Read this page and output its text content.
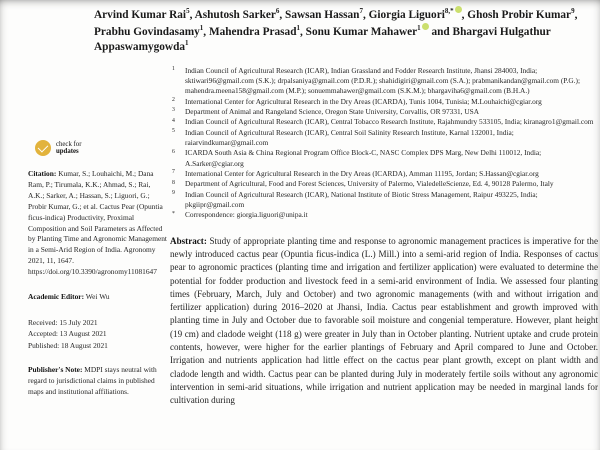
Arvind Kumar Rai$^5$, Ashutosh Sarker$^6$, Sawsan Hassan$^7$, Giorgia Liguori$^{8,*}$ , Ghosh Probir Kumar$^9$,
Prabhu Govindasamy$^1$, Mahendra Prasad$^1$, Sonu Kumar Mahawer$^1$ and Bhargavi Hulgathur Appaswamygowda$^1$
1 Indian Council of Agricultural Research (ICAR), Indian Grassland and Fodder Research Institute, Jhansi 284003, India; sktiwari96@gmail.com (S.K.); drpalsaniya@gmail.com (P.D.R.); shahidigiri@gmail.com (S.A.); prabmanikandan@gmail.com (P.G.); mahendra.meena158@gmail.com (M.P.); sonuemmahawer@gmail.com (S.K.M.); bhargaviha6@gmail.com (B.H.A.)
2 International Center for Agricultural Research in the Dry Areas (ICARDA), Tunis 1004, Tunisia; M.Louhaichi@cgiar.org
3 Department of Animal and Rangeland Science, Oregon State University, Corvallis, OR 97331, USA
4 Indian Council of Agricultural Research (ICAR), Central Tobacco Research Institute, Rajahmundry 533105, India; kiranagro1@gmail.com
5 Indian Council of Agricultural Research (ICAR), Central Soil Salinity Research Institute, Karnal 132001, India; raiarvindkumar@gmail.com
6 ICARDA South Asia & China Regional Program Office Block-C, NASC Complex DPS Marg, New Delhi 110012, India; A.Sarker@cgiar.org
7 International Center for Agricultural Research in the Dry Areas (ICARDA), Amman 11195, Jordan; S.Hassan@cgiar.org
8 Department of Agricultural, Food and Forest Sciences, University of Palermo, VialedelleScienze, Ed. 4, 90128 Palermo, Italy
9 Indian Council of Agricultural Research (ICAR), National Institute of Biotic Stress Management, Raipur 493225, India; pkgiipr@gmail.com
* Correspondence: giorgia.liguori@unipa.it
Abstract: Study of appropriate planting time and response to agronomic management practices is imperative for the newly introduced cactus pear (Opuntia ficus-indica (L.) Mill.) into a semi-arid region of India. Responses of cactus pear to agronomic practices (planting time and irrigation and fertilizer application) were evaluated to determine the potential for fodder production and livestock feed in a semi-arid environment of India. We assessed four planting times (February, March, July and October) and two agronomic managements (with and without irrigation and fertilizer application) during 2016–2020 at Jhansi, India. Cactus pear establishment and growth improved with planting time in July and October due to favorable soil moisture and congenial temperature. However, plant height (19 cm) and cladode weight (118 g) were greater in July than in October planting. Nutrient uptake and crude protein contents, however, were higher for the earlier plantings of February and April compared to June and October. Irrigation and nutrients application had little effect on the cactus pear plant growth, except on plant width and cladode length and width. Cactus pear can be planted during July in moderately fertile soils without any agronomic intervention in semi-arid situations, while irrigation and nutrient application may be needed in marginal lands for cultivation during
check for
updates

Citation: Kumar, S.; Louhaichi, M.; Dana Ram, P.; Tirumala, K.K.; Ahmad, S.; Rai, A.K.; Sarker, A.; Hassan, S.; Liguori, G.; Probir Kumar, G.; et al. Cactus Pear (Opuntia ficus-indica) Productivity, Proximal Composition and Soil Parameters as Affected by Planting Time and Agronomic Management in a Semi-Arid Region of India. Agronomy 2021, 11, 1647. https://doi.org/10.3390/agronomy11081647

Academic Editor: Wei Wu

Received: 15 July 2021
Accepted: 13 August 2021
Published: 18 August 2021

Publisher's Note: MDPI stays neutral with regard to jurisdictional claims in published maps and institutional affiliations.
